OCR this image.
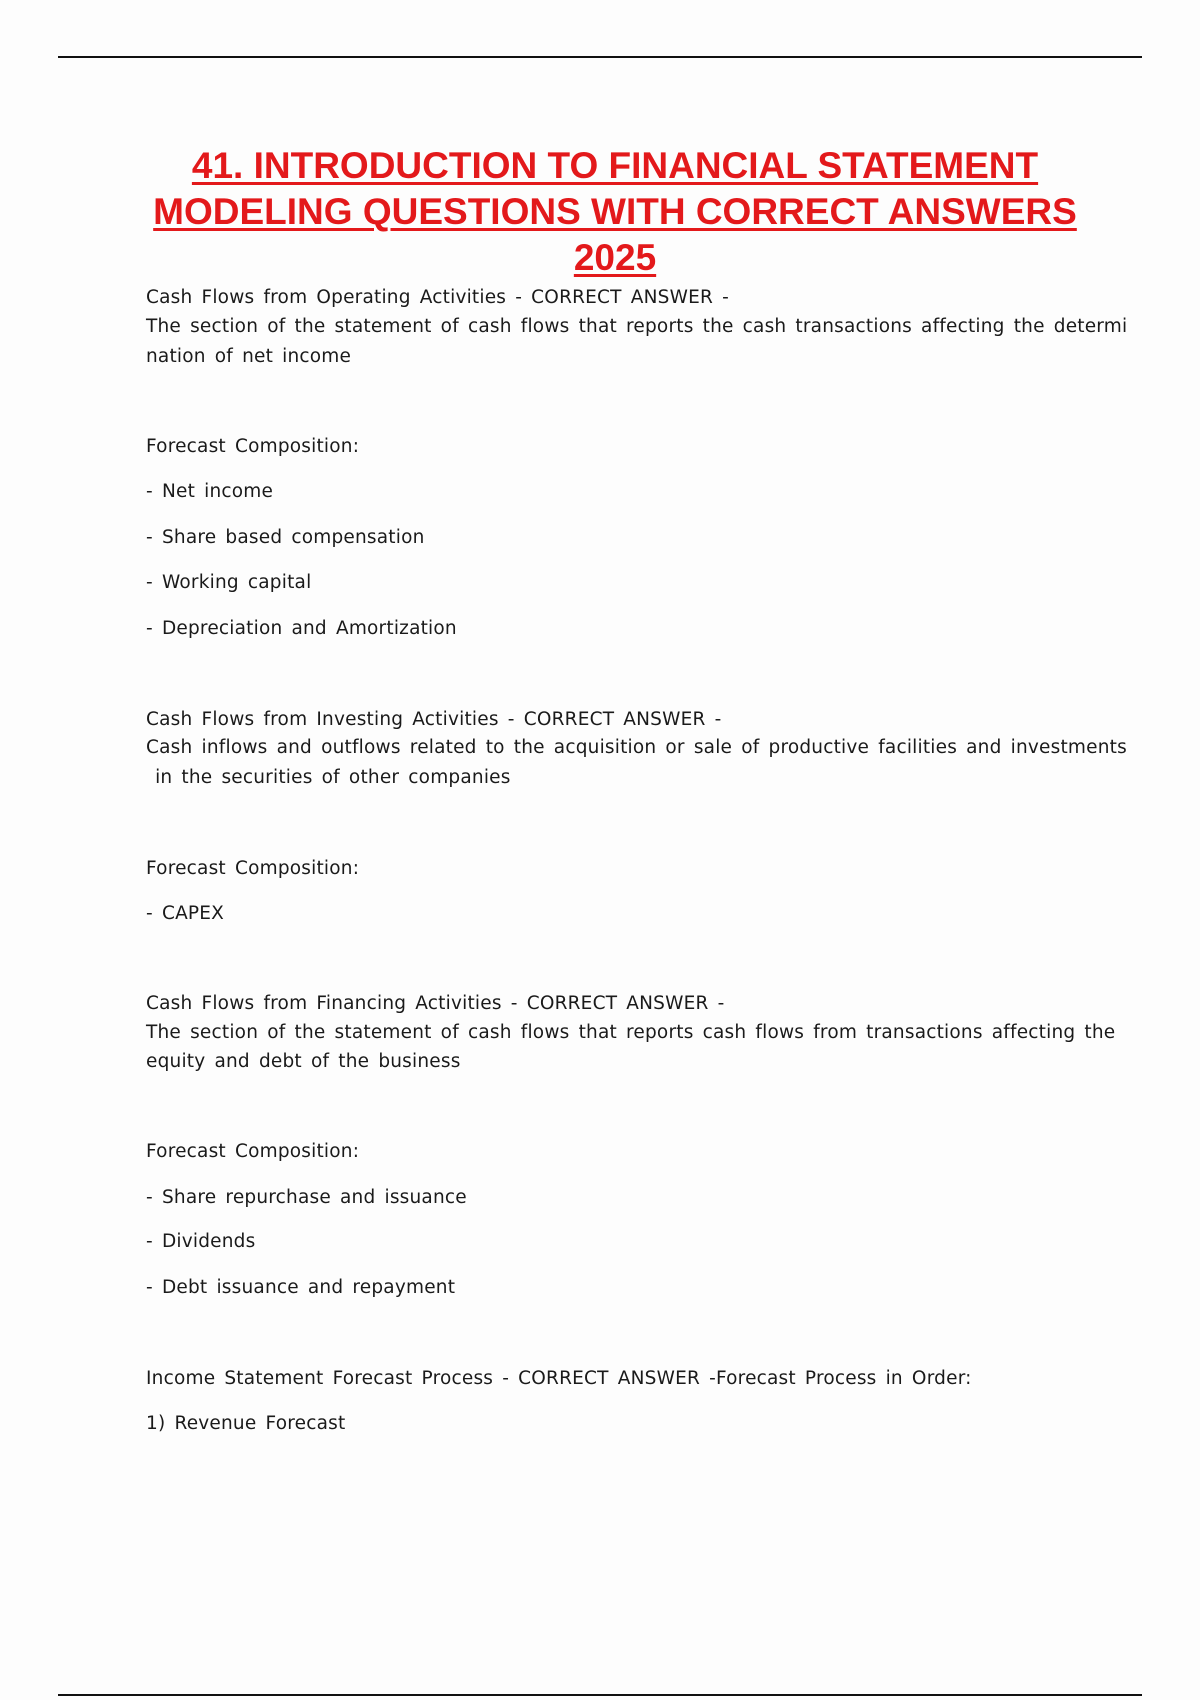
41. INTRODUCTION TO FINANCIAL STATEMENT MODELING QUESTIONS WITH CORRECT ANSWERS 2025
Cash Flows from Operating Activities - CORRECT ANSWER -
The section of the statement of cash flows that reports the cash transactions affecting the determi
nation of net income
Forecast Composition:
- Net income
- Share based compensation
- Working capital
- Depreciation and Amortization
Cash Flows from Investing Activities - CORRECT ANSWER -
Cash inflows and outflows related to the acquisition or sale of productive facilities and investments
in the securities of other companies
Forecast Composition:
- CAPEX
Cash Flows from Financing Activities - CORRECT ANSWER -
The section of the statement of cash flows that reports cash flows from transactions affecting the
equity and debt of the business
Forecast Composition:
- Share repurchase and issuance
- Dividends
- Debt issuance and repayment
Income Statement Forecast Process - CORRECT ANSWER -Forecast Process in Order:
1) Revenue Forecast
